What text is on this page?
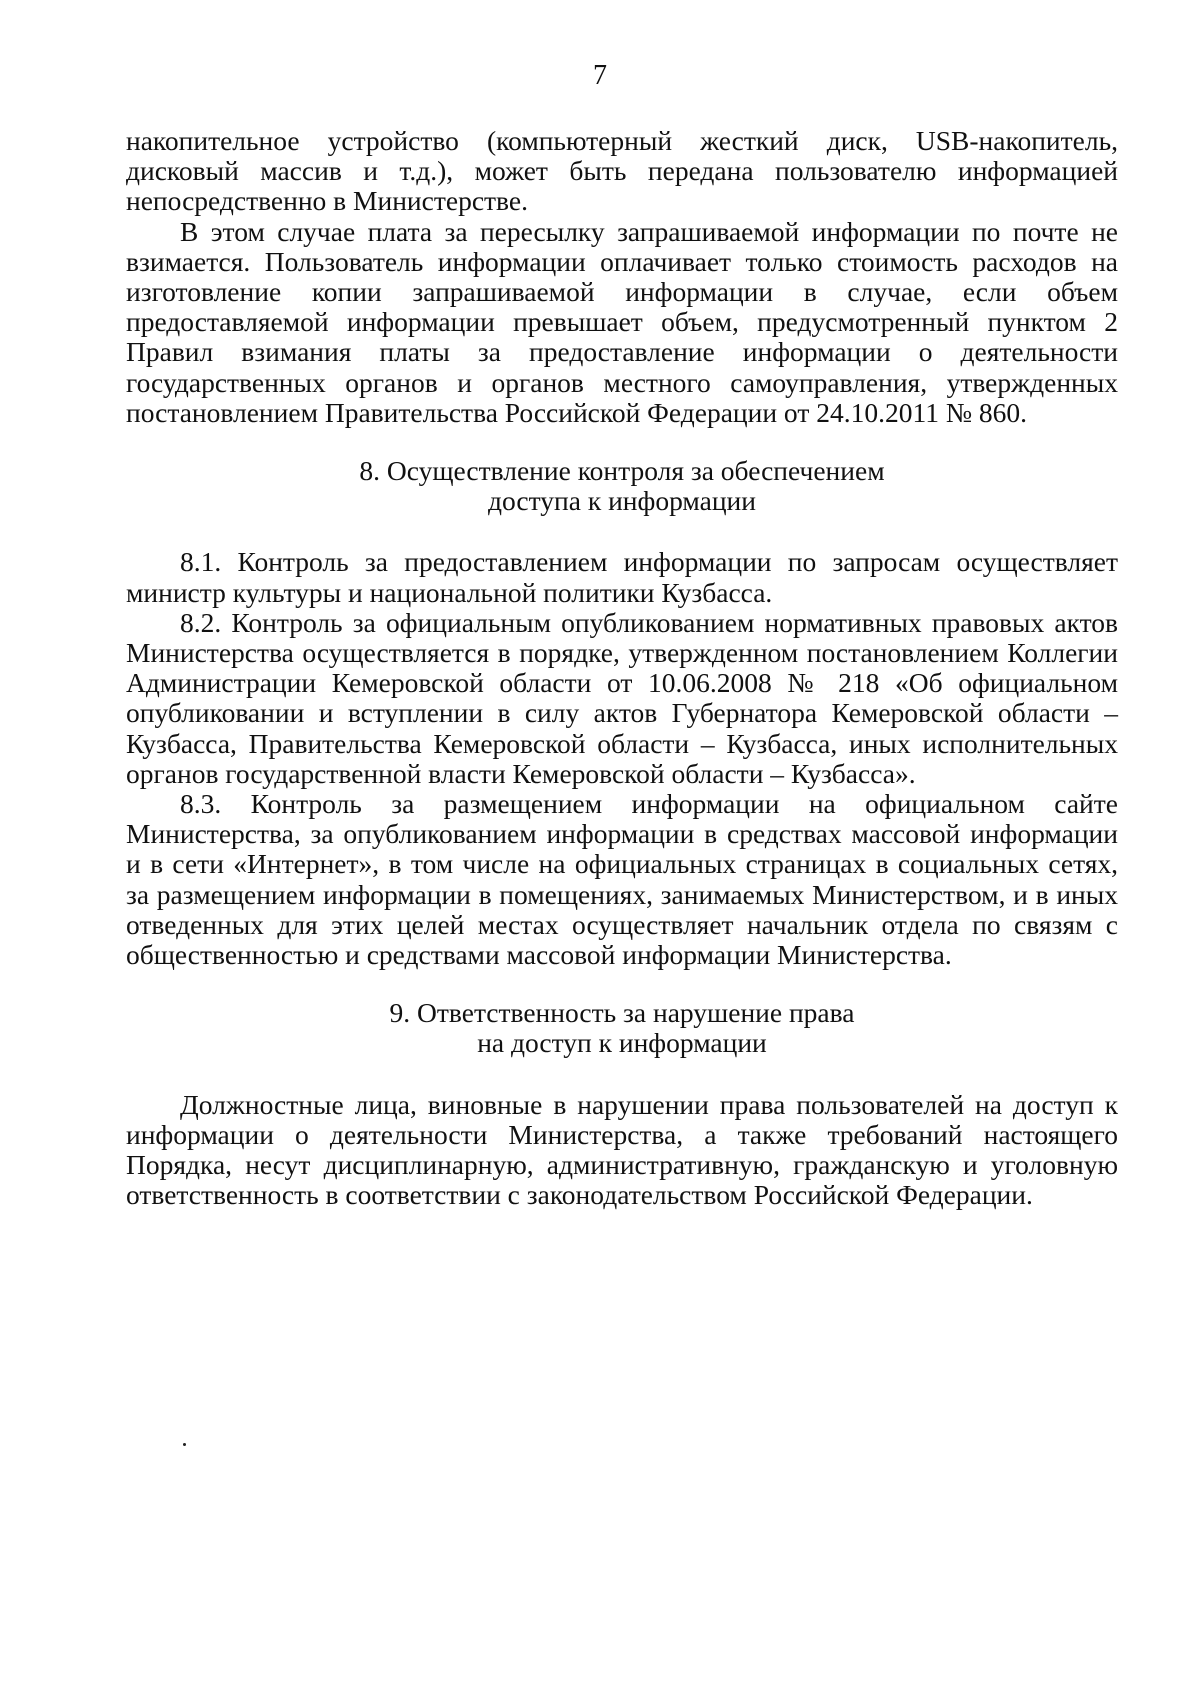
7

накопительное устройство (компьютерный жесткий диск, USB-накопитель, дисковый массив и т.д.), может быть передана пользователю информацией непосредственно в Министерстве.

В этом случае плата за пересылку запрашиваемой информации по почте не взимается. Пользователь информации оплачивает только стоимость расходов на изготовление копии запрашиваемой информации в случае, если объем предоставляемой информации превышает объем, предусмотренный пунктом 2 Правил взимания платы за предоставление информации о деятельности государственных органов и органов местного самоуправления, утвержденных постановлением Правительства Российской Федерации от 24.10.2011 № 860.

8. Осуществление контроля за обеспечением

доступа к информации

8.1. Контроль за предоставлением информации по запросам осуществляет министр культуры и национальной политики Кузбасса.

8.2. Контроль за официальным опубликованием нормативных правовых актов Министерства осуществляется в порядке, утвержденном постановлением Коллегии Администрации Кемеровской области от 10.06.2008 № 218 «Об официальном опубликовании и вступлении в силу актов Губернатора Кемеровской области – Кузбасса, Правительства Кемеровской области – Кузбасса, иных исполнительных органов государственной власти Кемеровской области – Кузбасса».

8.3. Контроль за размещением информации на официальном сайте Министерства, за опубликованием информации в средствах массовой информации и в сети «Интернет», в том числе на официальных страницах в социальных сетях, за размещением информации в помещениях, занимаемых Министерством, и в иных отведенных для этих целей местах осуществляет начальник отдела по связям с общественностью и средствами массовой информации Министерства.

9. Ответственность за нарушение права

на доступ к информации

Должностные лица, виновные в нарушении права пользователей на доступ к информации о деятельности Министерства, а также требований настоящего Порядка, несут дисциплинарную, административную, гражданскую и уголовную ответственность в соответствии с законодательством Российской Федерации.
